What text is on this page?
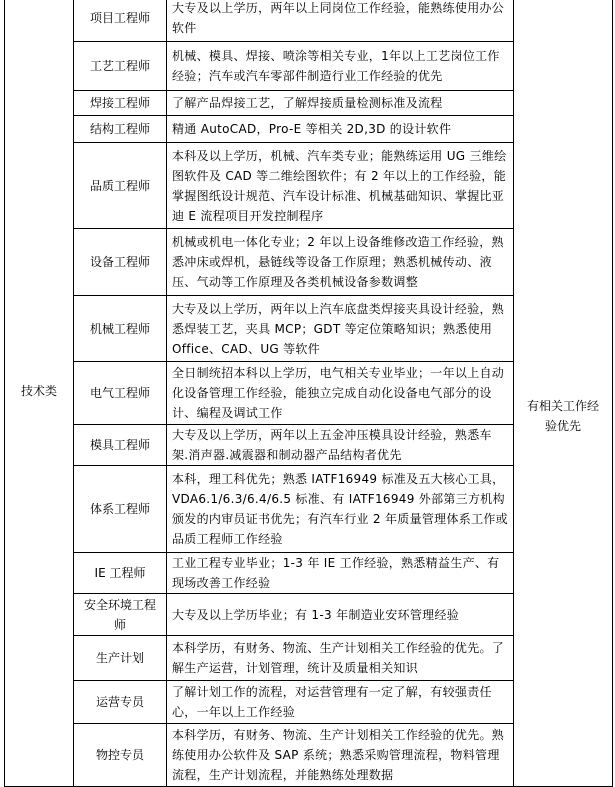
技术类	项目工程师	大专及以上学历，两年以上同岗位工作经验，能熟练使用办公软件	有相关工作经验优先

	工艺工程师	机械、模具、焊接、喷涂等相关专业，1年以上工艺岗位工作经验；汽车或汽车零部件制造行业工作经验的优先	
	焊接工程师	了解产品焊接工艺，了解焊接质量检测标准及流程	
	结构工程师	精通 AutoCAD，Pro-E 等相关 2D,3D 的设计软件	
	品质工程师	本科及以上学历，机械、汽车类专业；能熟练运用 UG 三维绘图软件及 CAD 等二维绘图软件；有 2 年以上的工作经验，能掌握图纸设计规范、汽车设计标准、机械基础知识、掌握比亚迪 E 流程项目开发控制程序	
	设备工程师	机械或机电一体化专业；2 年以上设备维修改造工作经验，熟悉冲床或焊机，悬链线等设备工作原理；熟悉机械传动、液压、气动等工作原理及各类机械设备参数调整	
	机械工程师	大专及以上学历，两年以上汽车底盘类焊接夹具设计经验，熟悉焊装工艺，夹具 MCP；GDT 等定位策略知识；熟悉使用 Office、CAD、UG 等软件	
	电气工程师	全日制统招本科以上学历，电气相关专业毕业；一年以上自动化设备管理工作经验，能独立完成自动化设备电气部分的设计、编程及调试工作	
	模具工程师	大专及以上学历，两年以上五金冲压模具设计经验，熟悉车架.消声器.减震器和制动器产品结构者优先	
	体系工程师	本科，理工科优先；熟悉 IATF16949 标准及五大核心工具，VDA6.1/6.3/6.4/6.5 标准、有 IATF16949 外部第三方机构颁发的内审员证书优先；有汽车行业 2 年质量管理体系工作或品质工程师工作经验	
	IE 工程师	工业工程专业毕业；1-3 年 IE 工作经验，熟悉精益生产、有现场改善工作经验	
	安全环境工程师	大专及以上学历毕业；有 1-3 年制造业安环管理经验	
	生产计划	本科学历，有财务、物流、生产计划相关工作经验的优先。了解生产运营，计划管理，统计及质量相关知识	
	运营专员	了解计划工作的流程，对运营管理有一定了解，有较强责任心，一年以上工作经验	
	物控专员	本科学历，有财务、物流、生产计划相关工作经验的优先。熟练使用办公软件及 SAP 系统；熟悉采购管理流程，物料管理流程，生产计划流程，并能熟练处理数据	
